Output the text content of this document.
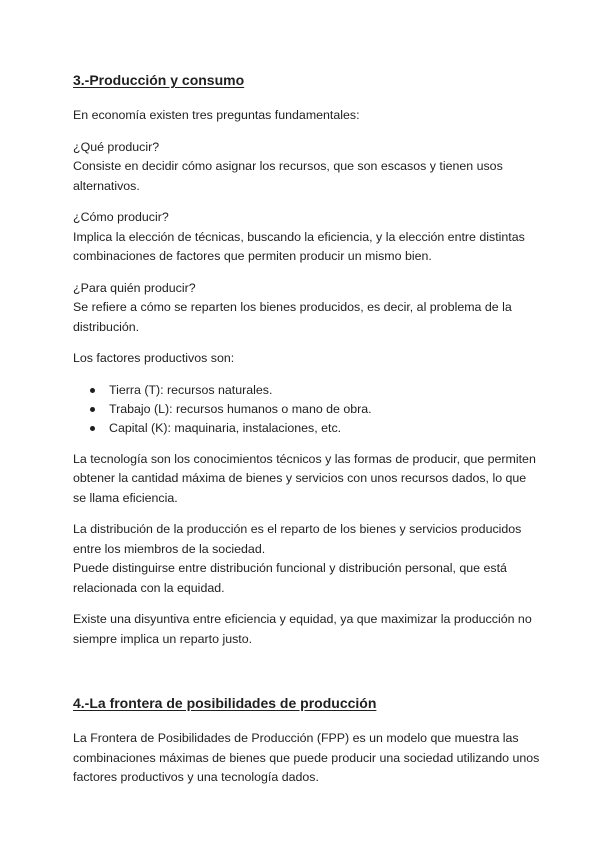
3.-Producción y consumo

En economía existen tres preguntas fundamentales:

¿Qué producir?

Consiste en decidir cómo asignar los recursos, que son escasos y tienen usos

alternativos.

¿Cómo producir?

Implica la elección de técnicas, buscando la eficiencia, y la elección entre distintas

combinaciones de factores que permiten producir un mismo bien.

¿Para quién producir?

Se refiere a cómo se reparten los bienes producidos, es decir, al problema de la

distribución.

Los factores productivos son:

Tierra (T): recursos naturales.
Trabajo (L): recursos humanos o mano de obra.
Capital (K): maquinaria, instalaciones, etc.

La tecnología son los conocimientos técnicos y las formas de producir, que permiten

obtener la cantidad máxima de bienes y servicios con unos recursos dados, lo que

se llama eficiencia.

La distribución de la producción es el reparto de los bienes y servicios producidos

entre los miembros de la sociedad.

Puede distinguirse entre distribución funcional y distribución personal, que está

relacionada con la equidad.

Existe una disyuntiva entre eficiencia y equidad, ya que maximizar la producción no

siempre implica un reparto justo.

4.-La frontera de posibilidades de producción

La Frontera de Posibilidades de Producción (FPP) es un modelo que muestra las

combinaciones máximas de bienes que puede producir una sociedad utilizando unos

factores productivos y una tecnología dados.
